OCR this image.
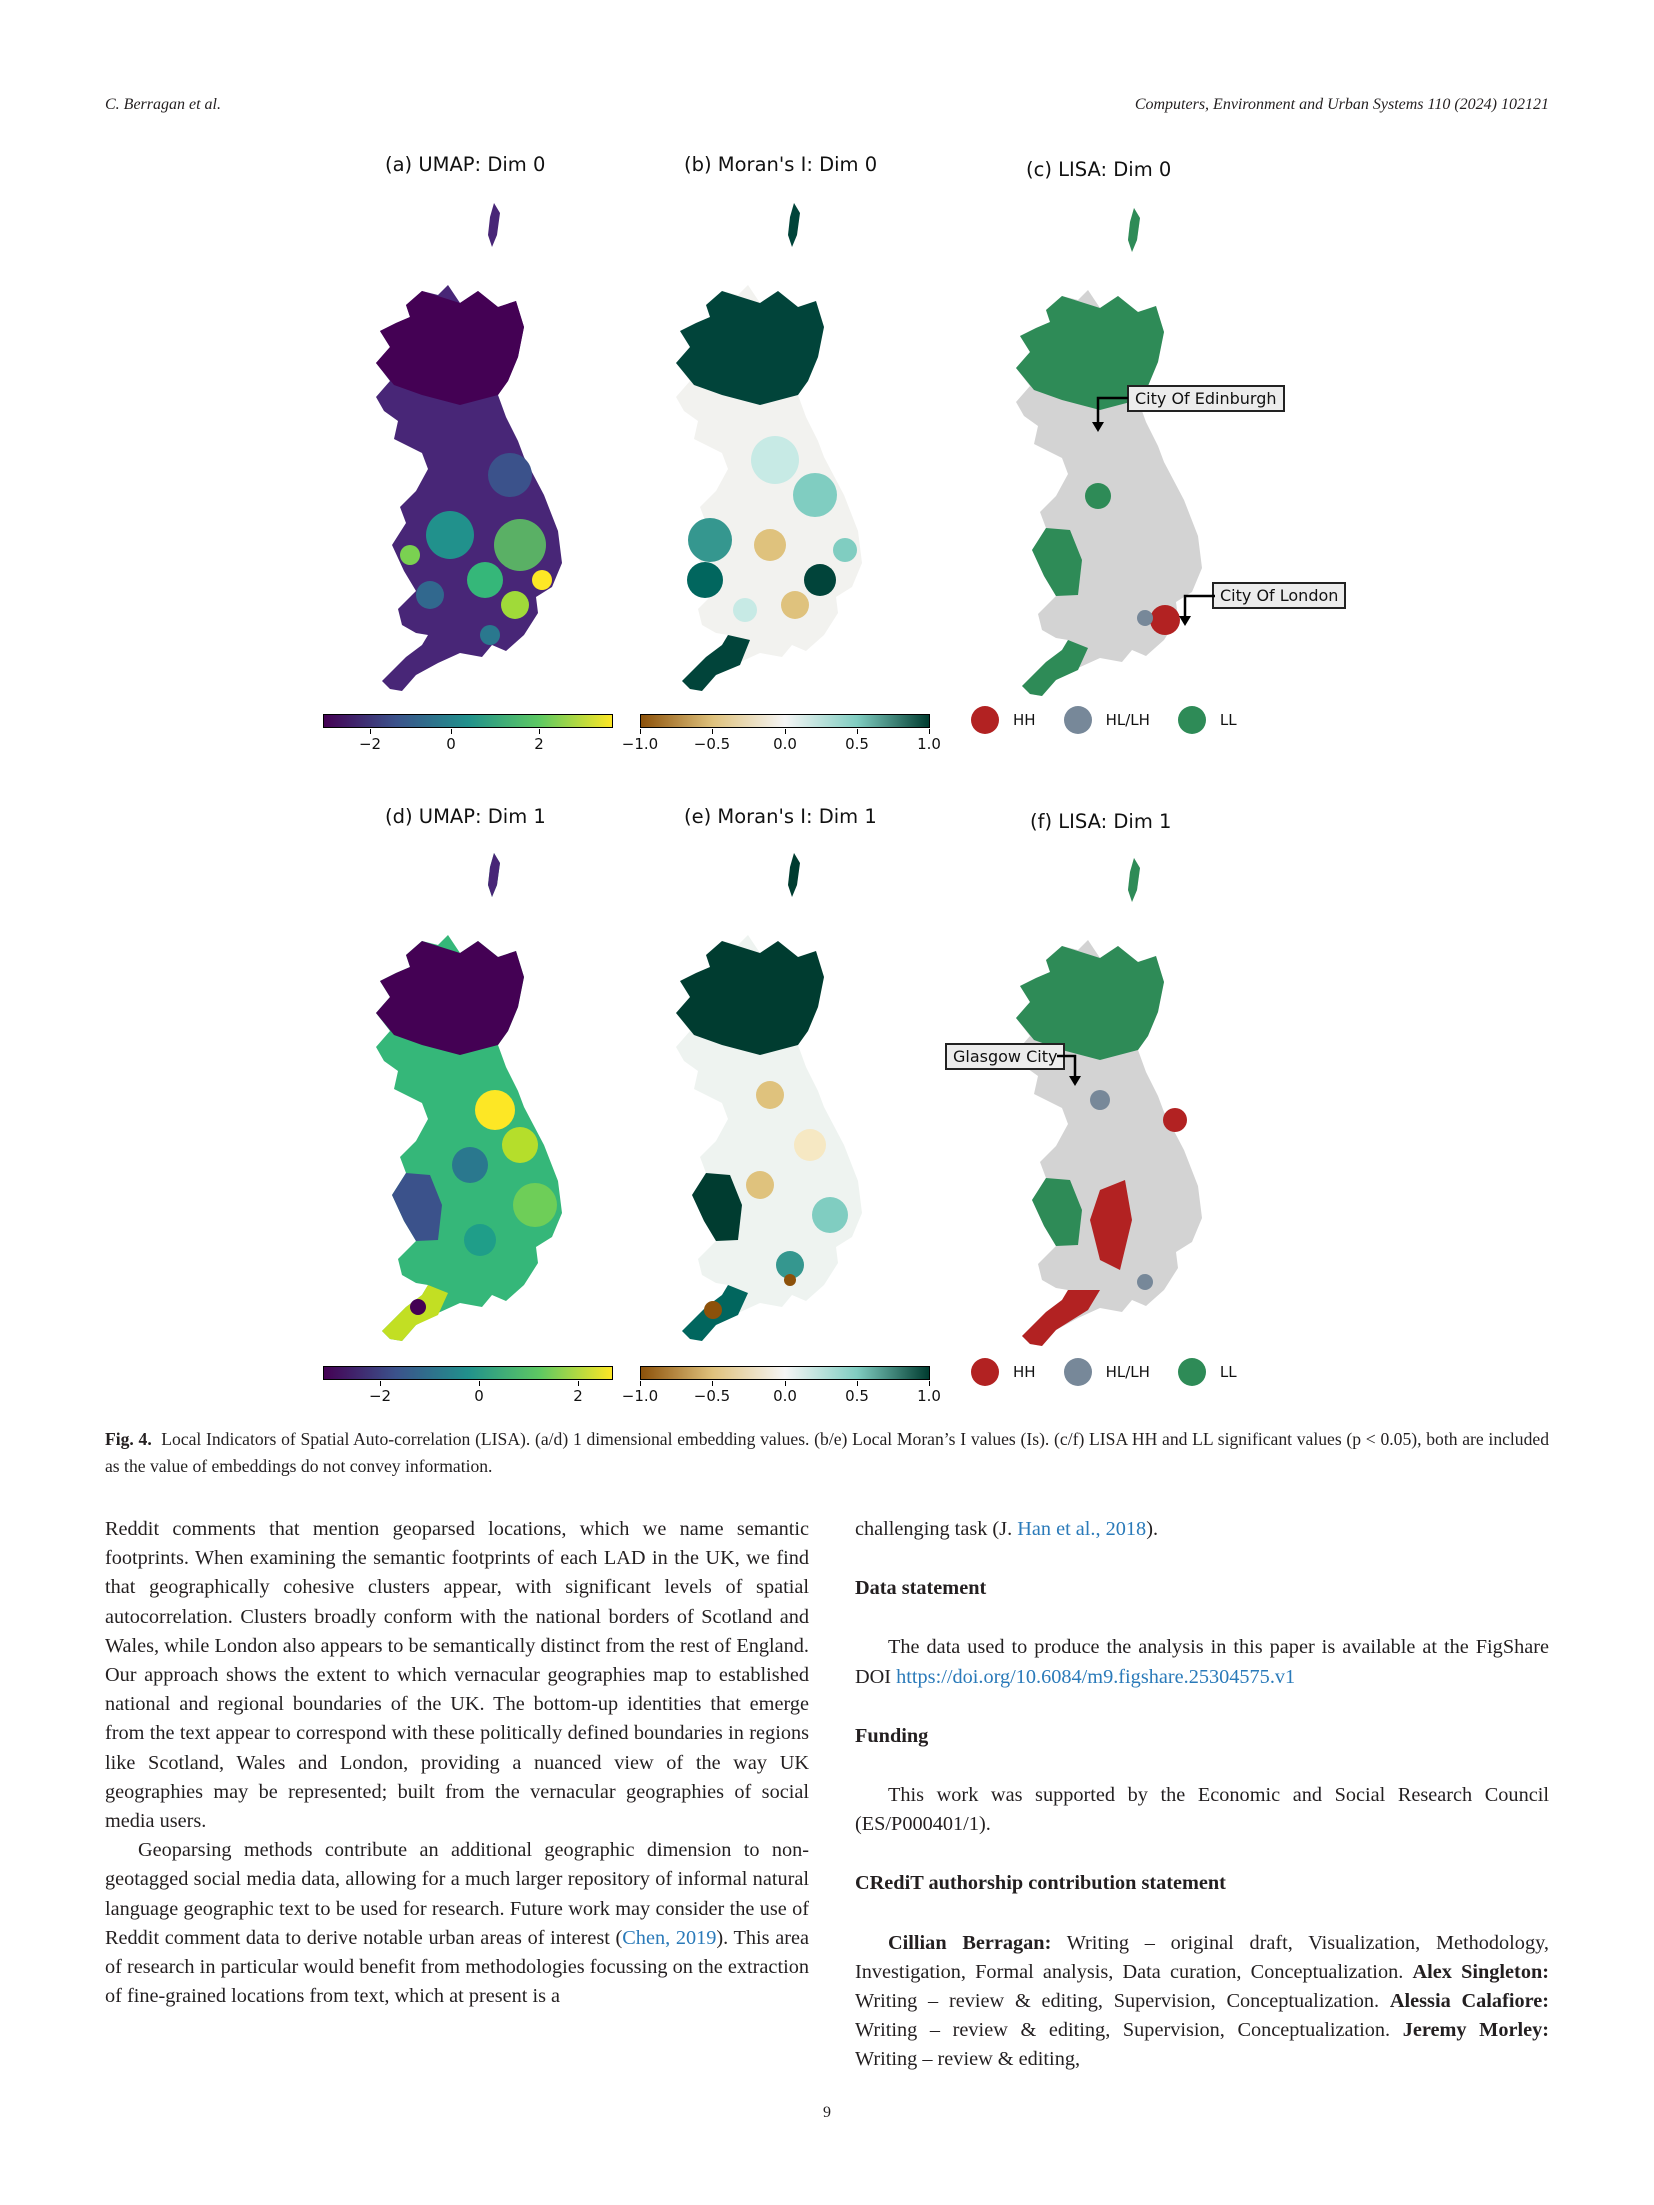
C. Berragan et al.	Computers, Environment and Urban Systems 110 (2024) 102121
(a) UMAP: Dim 0	(b) Moran's I: Dim 0	(c) LISA: Dim 0
City Of Edinburgh
City Of London
−2	0	2	−1.0 −0.5	0.0	0.5	1.0
HH	HL/LH	LL
(d) UMAP: Dim 1	(e) Moran's I: Dim 1	(f) LISA: Dim 1
Glasgow City
−2	0	2	−1.0 −0.5	0.0	0.5	1.0
HH	HL/LH	LL
Fig. 4. Local Indicators of Spatial Auto-correlation (LISA). (a/d) 1 dimensional embedding values. (b/e) Local Moran’s I values (Is). (c/f) LISA HH and LL significant values (p < 0.05), both are included as the value of embeddings do not convey information.

Reddit comments that mention geoparsed locations, which we name semantic footprints. When examining the semantic footprints of each LAD in the UK, we find that geographically cohesive clusters appear, with significant levels of spatial autocorrelation. Clusters broadly conform with the national borders of Scotland and Wales, while London also appears to be semantically distinct from the rest of England. Our approach shows the extent to which vernacular geographies map to established national and regional boundaries of the UK. The bottom-up identities that emerge from the text appear to correspond with these politically defined boundaries in regions like Scotland, Wales and London, providing a nuanced view of the way UK geographies may be represented; built from the vernacular geographies of social media users.

Geoparsing methods contribute an additional geographic dimension to non-geotagged social media data, allowing for a much larger repository of informal natural language geographic text to be used for research. Future work may consider the use of Reddit comment data to derive notable urban areas of interest (Chen, 2019). This area of research in particular would benefit from methodologies focussing on the extraction of fine-grained locations from text, which at present is a

challenging task (J. Han et al., 2018).

Data statement

The data used to produce the analysis in this paper is available at the FigShare DOI https://doi.org/10.6084/m9.figshare.25304575.v1

Funding

This work was supported by the Economic and Social Research Council (ES/P000401/1).

CRediT authorship contribution statement

Cillian Berragan: Writing – original draft, Visualization, Methodology, Investigation, Formal analysis, Data curation, Conceptualization. Alex Singleton: Writing – review & editing, Supervision, Conceptualization. Alessia Calafiore: Writing – review & editing, Supervision, Conceptualization. Jeremy Morley: Writing – review & editing,

9
